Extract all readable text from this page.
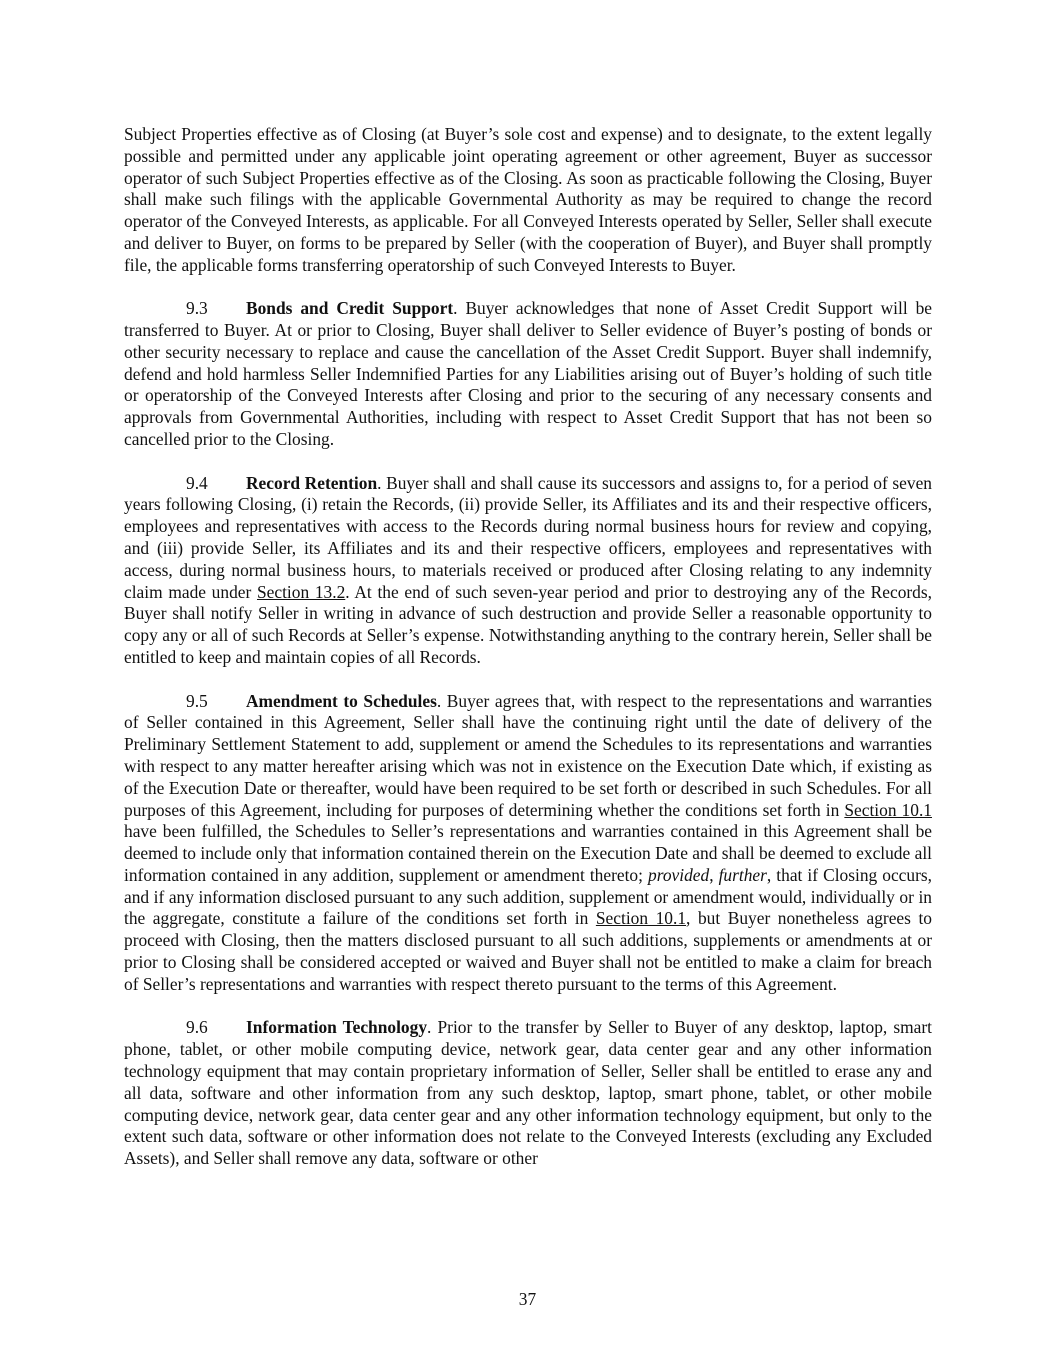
Subject Properties effective as of Closing (at Buyer’s sole cost and expense) and to designate, to the extent legally possible and permitted under any applicable joint operating agreement or other agreement, Buyer as successor operator of such Subject Properties effective as of the Closing. As soon as practicable following the Closing, Buyer shall make such filings with the applicable Governmental Authority as may be required to change the record operator of the Conveyed Interests, as applicable. For all Conveyed Interests operated by Seller, Seller shall execute and deliver to Buyer, on forms to be prepared by Seller (with the cooperation of Buyer), and Buyer shall promptly file, the applicable forms transferring operatorship of such Conveyed Interests to Buyer.

9.3 Bonds and Credit Support. Buyer acknowledges that none of Asset Credit Support will be transferred to Buyer. At or prior to Closing, Buyer shall deliver to Seller evidence of Buyer’s posting of bonds or other security necessary to replace and cause the cancellation of the Asset Credit Support. Buyer shall indemnify, defend and hold harmless Seller Indemnified Parties for any Liabilities arising out of Buyer’s holding of such title or operatorship of the Conveyed Interests after Closing and prior to the securing of any necessary consents and approvals from Governmental Authorities, including with respect to Asset Credit Support that has not been so cancelled prior to the Closing.

9.4 Record Retention. Buyer shall and shall cause its successors and assigns to, for a period of seven years following Closing, (i) retain the Records, (ii) provide Seller, its Affiliates and its and their respective officers, employees and representatives with access to the Records during normal business hours for review and copying, and (iii) provide Seller, its Affiliates and its and their respective officers, employees and representatives with access, during normal business hours, to materials received or produced after Closing relating to any indemnity claim made under Section 13.2. At the end of such seven-year period and prior to destroying any of the Records, Buyer shall notify Seller in writing in advance of such destruction and provide Seller a reasonable opportunity to copy any or all of such Records at Seller’s expense. Notwithstanding anything to the contrary herein, Seller shall be entitled to keep and maintain copies of all Records.

9.5 Amendment to Schedules. Buyer agrees that, with respect to the representations and warranties of Seller contained in this Agreement, Seller shall have the continuing right until the date of delivery of the Preliminary Settlement Statement to add, supplement or amend the Schedules to its representations and warranties with respect to any matter hereafter arising which was not in existence on the Execution Date which, if existing as of the Execution Date or thereafter, would have been required to be set forth or described in such Schedules. For all purposes of this Agreement, including for purposes of determining whether the conditions set forth in Section 10.1 have been fulfilled, the Schedules to Seller’s representations and warranties contained in this Agreement shall be deemed to include only that information contained therein on the Execution Date and shall be deemed to exclude all information contained in any addition, supplement or amendment thereto; provided, further, that if Closing occurs, and if any information disclosed pursuant to any such addition, supplement or amendment would, individually or in the aggregate, constitute a failure of the conditions set forth in Section 10.1, but Buyer nonetheless agrees to proceed with Closing, then the matters disclosed pursuant to all such additions, supplements or amendments at or prior to Closing shall be considered accepted or waived and Buyer shall not be entitled to make a claim for breach of Seller’s representations and warranties with respect thereto pursuant to the terms of this Agreement.

9.6 Information Technology. Prior to the transfer by Seller to Buyer of any desktop, laptop, smart phone, tablet, or other mobile computing device, network gear, data center gear and any other information technology equipment that may contain proprietary information of Seller, Seller shall be entitled to erase any and all data, software and other information from any such desktop, laptop, smart phone, tablet, or other mobile computing device, network gear, data center gear and any other information technology equipment, but only to the extent such data, software or other information does not relate to the Conveyed Interests (excluding any Excluded Assets), and Seller shall remove any data, software or other

37
